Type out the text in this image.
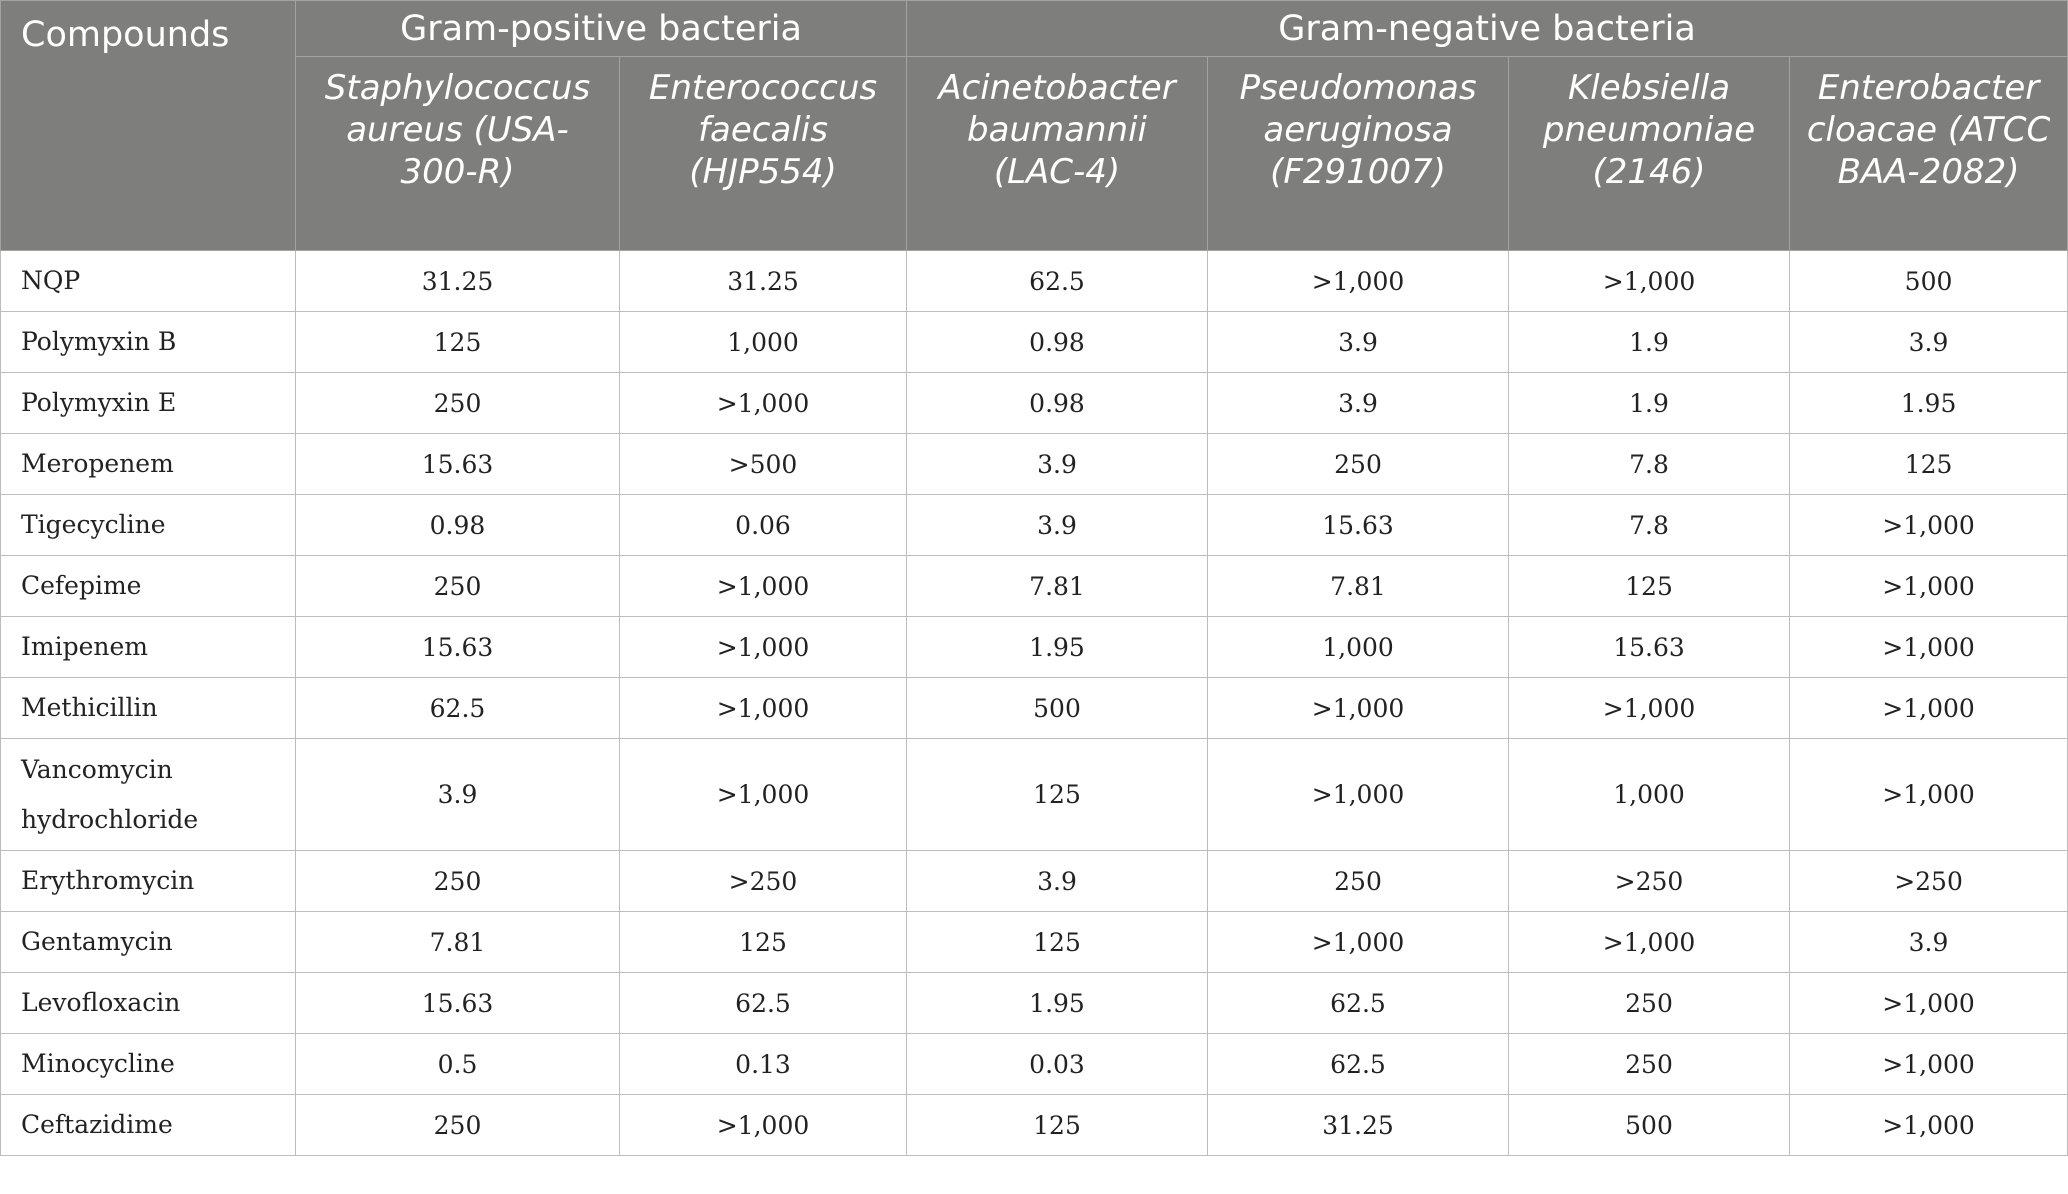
Compounds	Gram-positive bacteria		Gram-negative bacteria			
	Staphylococcus aureus (USA-300-R)	Enterococcus faecalis (HJP554)	Acinetobacter baumannii (LAC-4)	Pseudomonas aeruginosa (F291007)	Klebsiella pneumoniae (2146)	Enterobacter cloacae (ATCC BAA-2082)
NQP	31.25	31.25	62.5	>1,000	>1,000	500
Polymyxin B	125	1,000	0.98	3.9	1.9	3.9
Polymyxin E	250	>1,000	0.98	3.9	1.9	1.95
Meropenem	15.63	>500	3.9	250	7.8	125
Tigecycline	0.98	0.06	3.9	15.63	7.8	>1,000
Cefepime	250	>1,000	7.81	7.81	125	>1,000
Imipenem	15.63	>1,000	1.95	1,000	15.63	>1,000
Methicillin	62.5	>1,000	500	>1,000	>1,000	>1,000
Vancomycin hydrochloride	3.9	>1,000	125	>1,000	1,000	>1,000
Erythromycin	250	>250	3.9	250	>250	>250
Gentamycin	7.81	125	125	>1,000	>1,000	3.9
Levofloxacin	15.63	62.5	1.95	62.5	250	>1,000
Minocycline	0.5	0.13	0.03	62.5	250	>1,000
Ceftazidime	250	>1,000	125	31.25	500	>1,000
